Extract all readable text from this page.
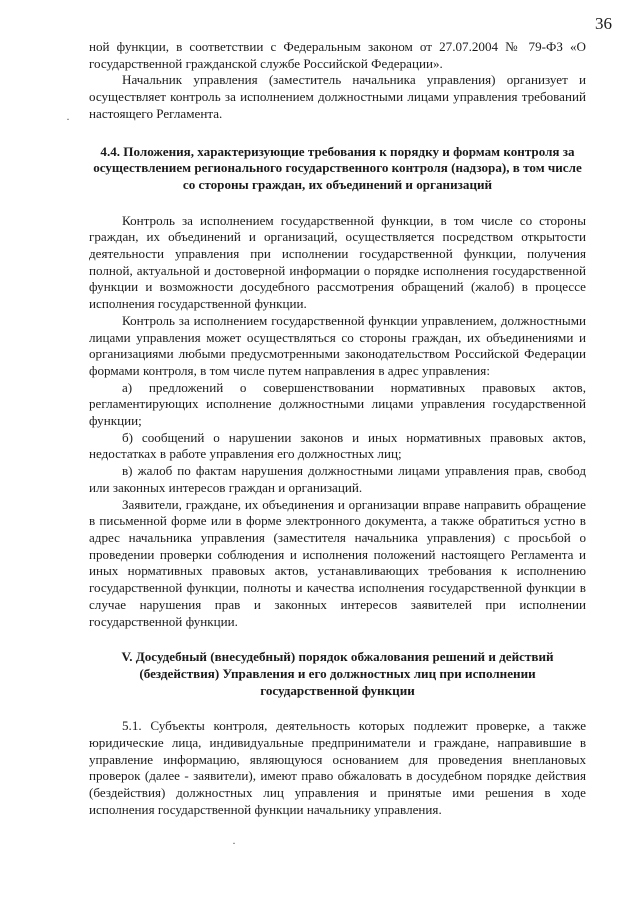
36

ной функции, в соответствии с Федеральным законом от 27.07.2004 № 79-ФЗ «О государственной гражданской службе Российской Федерации».

Начальник управления (заместитель начальника управления) организует и осуществляет контроль за исполнением должностными лицами управления требований настоящего Регламента.

4.4. Положения, характеризующие требования к порядку и формам контроля за осуществлением регионального государственного контроля (надзора), в том числе со стороны граждан, их объединений и организаций

Контроль за исполнением государственной функции, в том числе со стороны граждан, их объединений и организаций, осуществляется посредством открытости деятельности управления при исполнении государственной функции, получения полной, актуальной и достоверной информации о порядке исполнения государственной функции и возможности досудебного рассмотрения обращений (жалоб) в процессе исполнения государственной функции.

Контроль за исполнением государственной функции управлением, должностными лицами управления может осуществляться со стороны граждан, их объединениями и организациями любыми предусмотренными законодательством Российской Федерации формами контроля, в том числе путем направления в адрес управления:

а) предложений о совершенствовании нормативных правовых актов, регламентирующих исполнение должностными лицами управления государственной функции;

б) сообщений о нарушении законов и иных нормативных правовых актов, недостатках в работе управления его должностных лиц;

в) жалоб по фактам нарушения должностными лицами управления прав, свобод или законных интересов граждан и организаций.

Заявители, граждане, их объединения и организации вправе направить обращение в письменной форме или в форме электронного документа, а также обратиться устно в адрес начальника управления (заместителя начальника управления) с просьбой о проведении проверки соблюдения и исполнения положений настоящего Регламента и иных нормативных правовых актов, устанавливающих требования к исполнению государственной функции, полноты и качества исполнения государственной функции в случае нарушения прав и законных интересов заявителей при исполнении государственной функции.

V. Досудебный (внесудебный) порядок обжалования решений и действий (бездействия) Управления и его должностных лиц при исполнении государственной функции

5.1. Субъекты контроля, деятельность которых подлежит проверке, а также юридические лица, индивидуальные предприниматели и граждане, направившие в управление информацию, являющуюся основанием для проведения внеплановых проверок (далее - заявители), имеют право обжаловать в досудебном порядке действия (бездействия) должностных лиц управления и принятые ими решения в ходе исполнения государственной функции начальнику управления.

·
·
